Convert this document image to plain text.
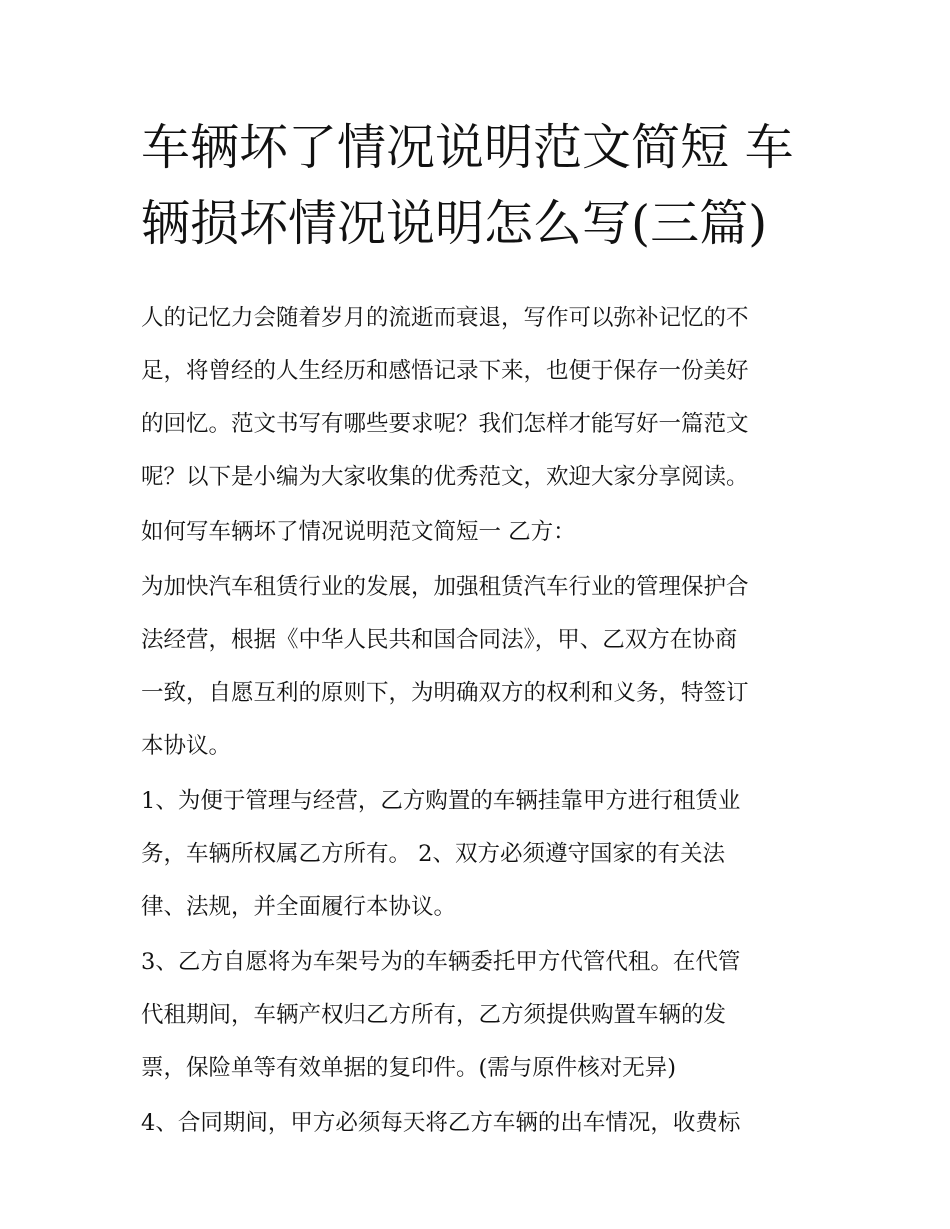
车辆坏了情况说明范文简短 车
辆损坏情况说明怎么写(三篇)
人的记忆力会随着岁月的流逝而衰退，写作可以弥补记忆的不
足，将曾经的人生经历和感悟记录下来，也便于保存一份美好
的回忆。范文书写有哪些要求呢？我们怎样才能写好一篇范文
呢？以下是小编为大家收集的优秀范文，欢迎大家分享阅读。
如何写车辆坏了情况说明范文简短一 乙方：
为加快汽车租赁行业的发展，加强租赁汽车行业的管理保护合
法经营，根据《中华人民共和国合同法》，甲、乙双方在协商
一致，自愿互利的原则下，为明确双方的权利和义务，特签订
本协议。
1、为便于管理与经营，乙方购置的车辆挂靠甲方进行租赁业
务，车辆所权属乙方所有。 2、双方必须遵守国家的有关法
律、法规，并全面履行本协议。
3、乙方自愿将为车架号为的车辆委托甲方代管代租。在代管
代租期间，车辆产权归乙方所有，乙方须提供购置车辆的发
票，保险单等有效单据的复印件。(需与原件核对无异)
4、合同期间，甲方必须每天将乙方车辆的出车情况，收费标
